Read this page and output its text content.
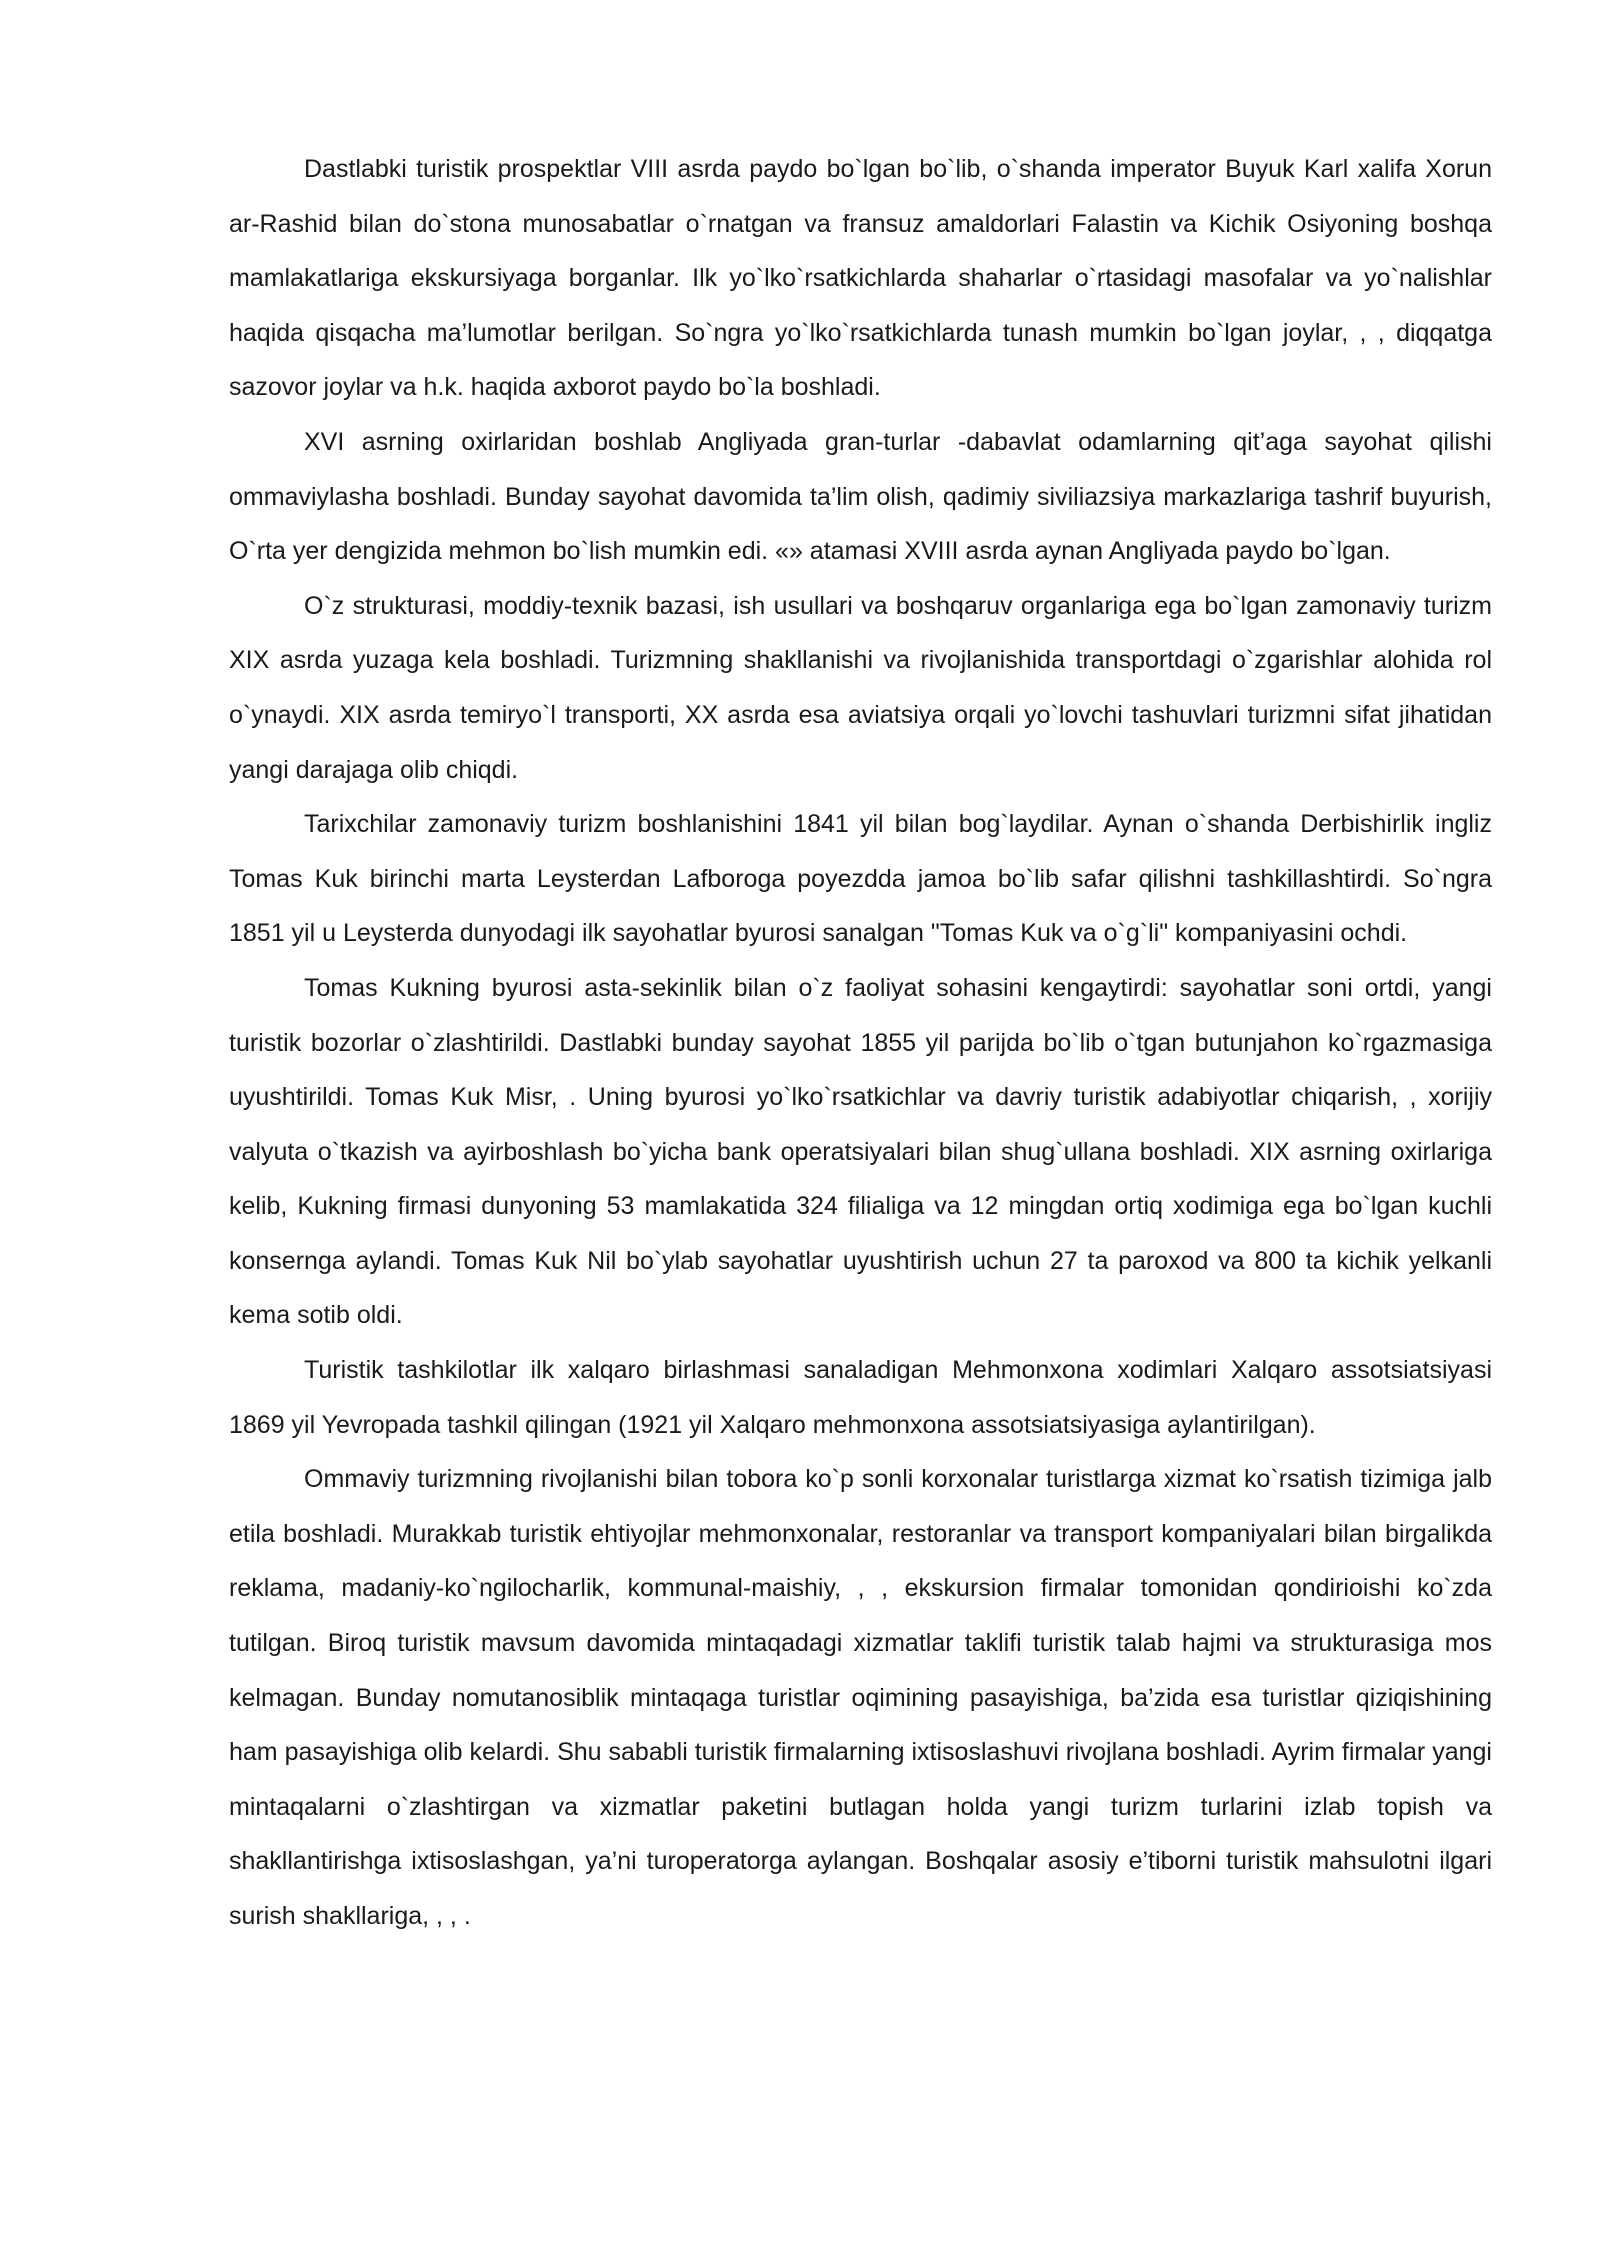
Dastlabki turistik prospektlar VIII asrda paydo bo`lgan bo`lib, o`shanda imperator Buyuk Karl xalifa Xorun ar-Rashid bilan do`stona munosabatlar o`rnatgan va fransuz amaldorlari Falastin va Kichik Osiyoning boshqa mamlakatlariga ekskursiyaga borganlar. Ilk yo`lko`rsatkichlarda shaharlar o`rtasidagi masofalar va yo`nalishlar haqida qisqacha ma’lumotlar berilgan. So`ngra yo`lko`rsatkichlarda tunash mumkin bo`lgan joylar, , , diqqatga sazovor joylar va h.k. haqida axborot paydo bo`la boshladi.

XVI asrning oxirlaridan boshlab Angliyada gran-turlar -dabavlat odamlarning qit’aga sayohat qilishi ommaviylasha boshladi. Bunday sayohat davomida ta’lim olish, qadimiy siviliazsiya markazlariga tashrif buyurish, O`rta yer dengizida mehmon bo`lish mumkin edi. «» atamasi XVIII asrda aynan Angliyada paydo bo`lgan.

O`z strukturasi, moddiy-texnik bazasi, ish usullari va boshqaruv organlariga ega bo`lgan zamonaviy turizm XIX asrda yuzaga kela boshladi. Turizmning shakllanishi va rivojlanishida transportdagi o`zgarishlar alohida rol o`ynaydi. XIX asrda temiryo`l transporti, XX asrda esa aviatsiya orqali yo`lovchi tashuvlari turizmni sifat jihatidan yangi darajaga olib chiqdi.

Tarixchilar zamonaviy turizm boshlanishini 1841 yil bilan bog`laydilar. Aynan o`shanda Derbishirlik ingliz Tomas Kuk birinchi marta Leysterdan Lafboroga poyezdda jamoa bo`lib safar qilishni tashkillashtirdi. So`ngra 1851 yil u Leysterda dunyodagi ilk sayohatlar byurosi sanalgan "Tomas Kuk va o`g`li" kompaniyasini ochdi.

Tomas Kukning byurosi asta-sekinlik bilan o`z faoliyat sohasini kengaytirdi: sayohatlar soni ortdi, yangi turistik bozorlar o`zlashtirildi. Dastlabki bunday sayohat 1855 yil parijda bo`lib o`tgan butunjahon ko`rgazmasiga uyushtirildi. Tomas Kuk Misr, . Uning byurosi yo`lko`rsatkichlar va davriy turistik adabiyotlar chiqarish, , xorijiy valyuta o`tkazish va ayirboshlash bo`yicha bank operatsiyalari bilan shug`ullana boshladi. XIX asrning oxirlariga kelib, Kukning firmasi dunyoning 53 mamlakatida 324 filialiga va 12 mingdan ortiq xodimiga ega bo`lgan kuchli konsernga aylandi. Tomas Kuk Nil bo`ylab sayohatlar uyushtirish uchun 27 ta paroxod va 800 ta kichik yelkanli kema sotib oldi.

Turistik tashkilotlar ilk xalqaro birlashmasi sanaladigan Mehmonxona xodimlari Xalqaro assotsiatsiyasi 1869 yil Yevropada tashkil qilingan (1921 yil Xalqaro mehmonxona assotsiatsiyasiga aylantirilgan).

Ommaviy turizmning rivojlanishi bilan tobora ko`p sonli korxonalar turistlarga xizmat ko`rsatish tizimiga jalb etila boshladi. Murakkab turistik ehtiyojlar mehmonxonalar, restoranlar va transport kompaniyalari bilan birgalikda reklama, madaniy-ko`ngilocharlik, kommunal-maishiy, , , ekskursion firmalar tomonidan qondirioishi ko`zda tutilgan. Biroq turistik mavsum davomida mintaqadagi xizmatlar taklifi turistik talab hajmi va strukturasiga mos kelmagan. Bunday nomutanosiblik mintaqaga turistlar oqimining pasayishiga, ba’zida esa turistlar qiziqishining ham pasayishiga olib kelardi. Shu sababli turistik firmalarning ixtisoslashuvi rivojlana boshladi. Ayrim firmalar yangi mintaqalarni o`zlashtirgan va xizmatlar paketini butlagan holda yangi turizm turlarini izlab topish va shakllantirishga ixtisoslashgan, ya’ni turoperatorga aylangan. Boshqalar asosiy e’tiborni turistik mahsulotni ilgari surish shakllariga, , , .
